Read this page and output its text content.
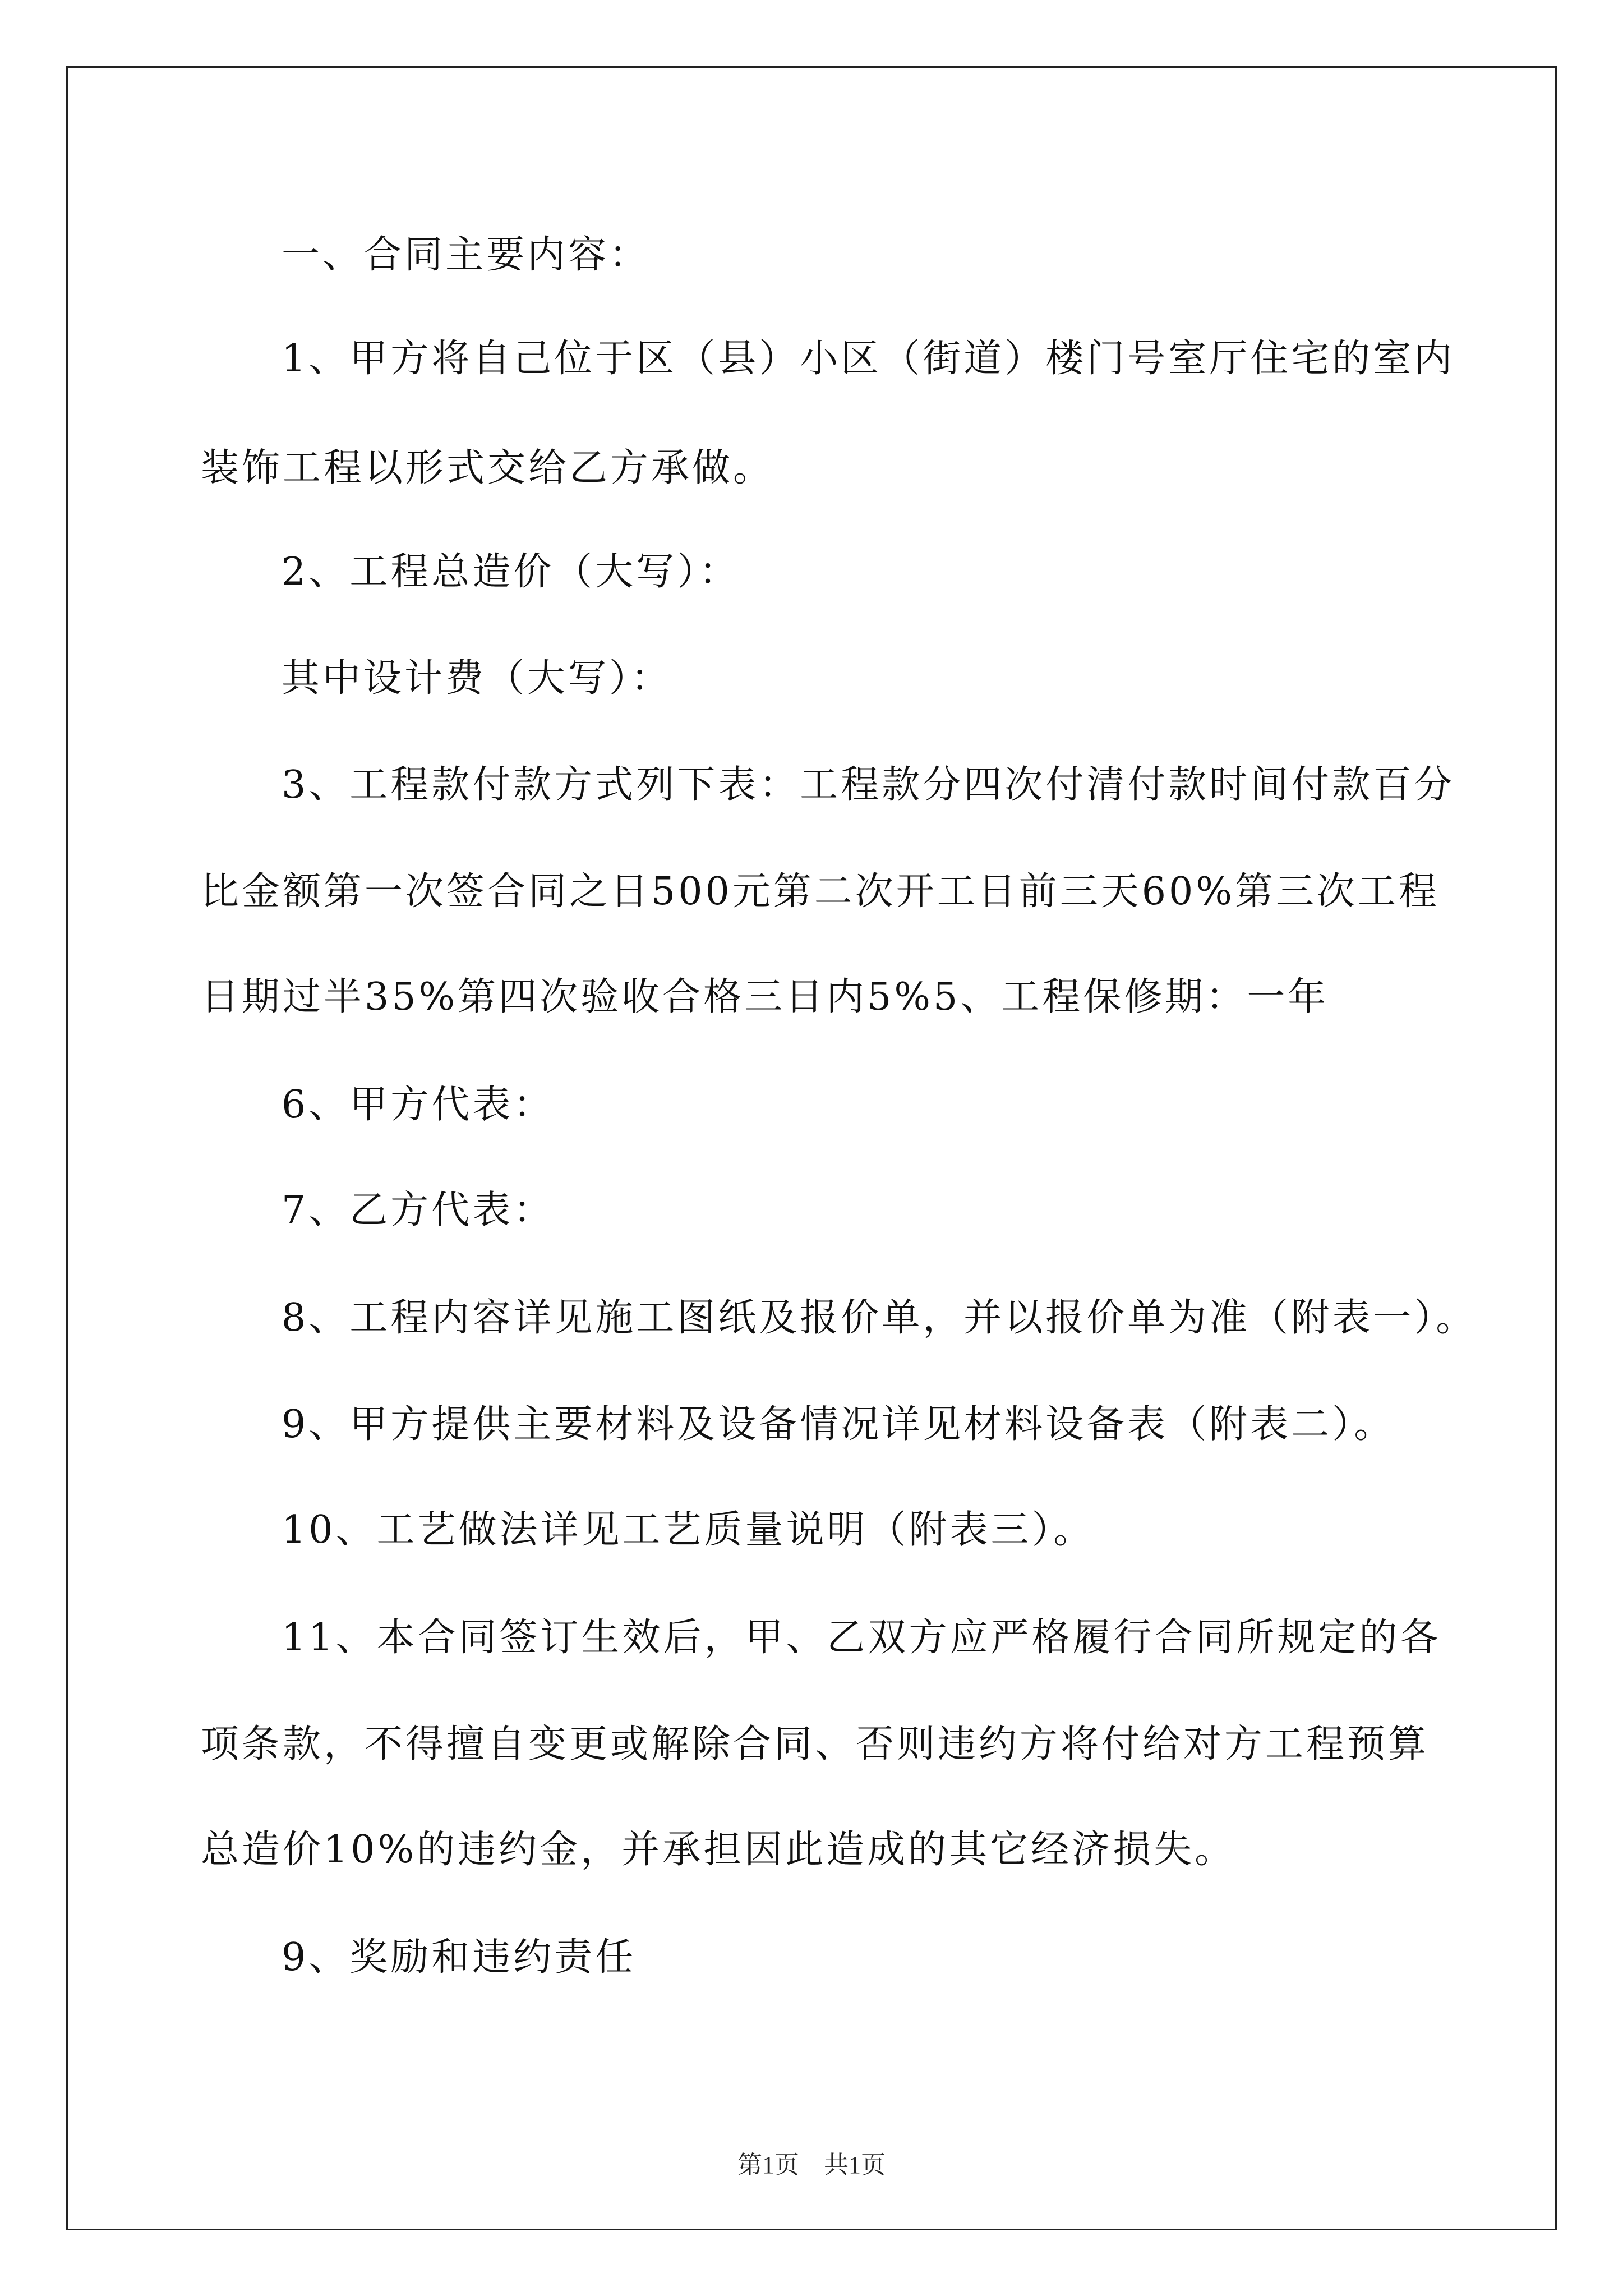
一、合同主要内容：
1、甲方将自己位于区（县）小区（街道）楼门号室厅住宅的室内
装饰工程以形式交给乙方承做。
2、工程总造价（大写）：
其中设计费（大写）：
3、工程款付款方式列下表：工程款分四次付清付款时间付款百分
比金额第一次签合同之日500元第二次开工日前三天60%第三次工程
日期过半35%第四次验收合格三日内5%5、工程保修期：一年
6、甲方代表：
7、乙方代表：
8、工程内容详见施工图纸及报价单，并以报价单为准（附表一）。
9、甲方提供主要材料及设备情况详见材料设备表（附表二）。
10、工艺做法详见工艺质量说明（附表三）。
11、本合同签订生效后，甲、乙双方应严格履行合同所规定的各
项条款，不得擅自变更或解除合同、否则违约方将付给对方工程预算
总造价10%的违约金，并承担因此造成的其它经济损失。
9、奖励和违约责任
第1页　共1页
